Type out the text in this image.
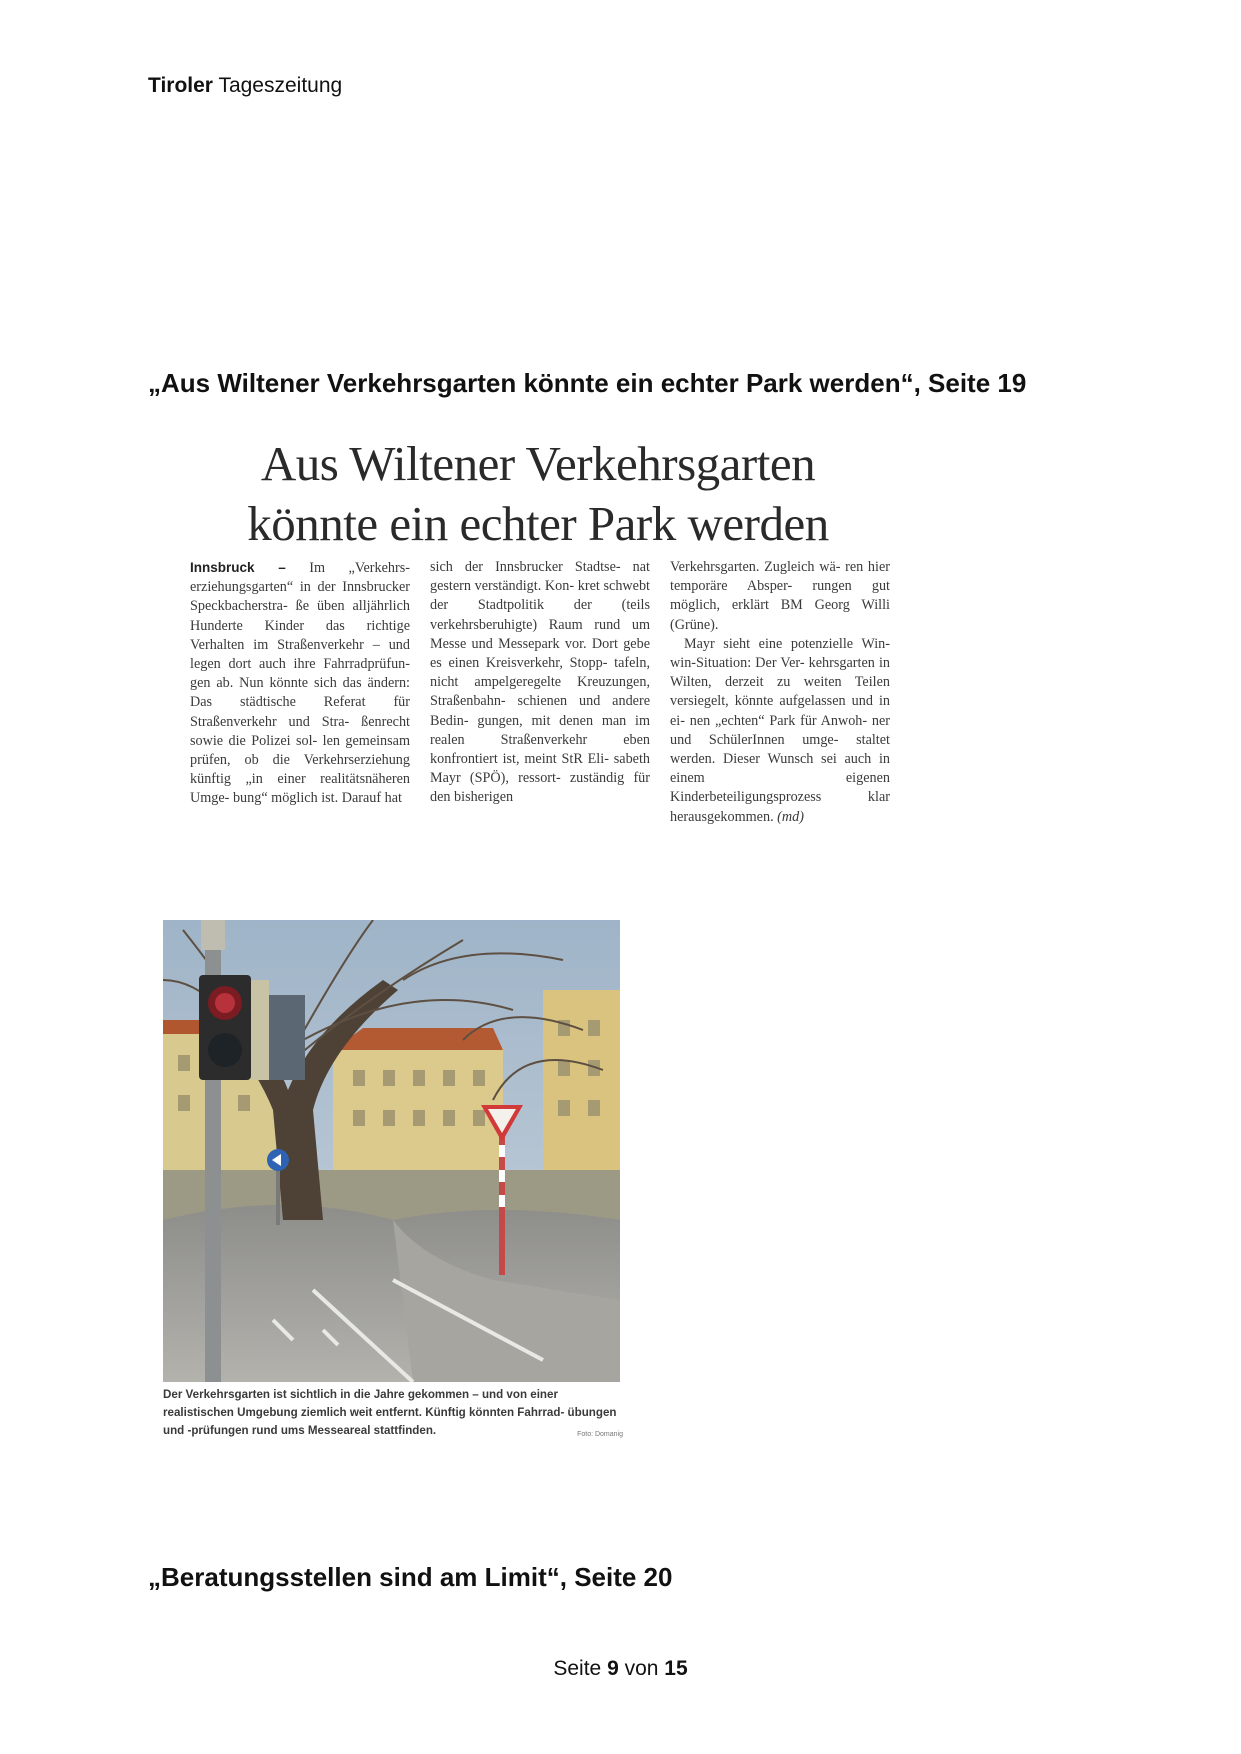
Tiroler Tageszeitung
„Aus Wiltener Verkehrsgarten könnte ein echter Park werden“, Seite 19
Aus Wiltener Verkehrsgarten
könnte ein echter Park werden

Innsbruck – Im „Verkehrs- erziehungsgarten“ in der Innsbrucker Speckbacherstra- ße üben alljährlich Hunderte Kinder das richtige Verhalten im Straßenverkehr – und legen dort auch ihre Fahrradprüfun- gen ab. Nun könnte sich das ändern: Das städtische Referat für Straßenverkehr und Stra- ßenrecht sowie die Polizei sol- len gemeinsam prüfen, ob die Verkehrserziehung künftig „in einer realitätsnäheren Umge- bung“ möglich ist. Darauf hat

sich der Innsbrucker Stadtse- nat gestern verständigt. Kon- kret schwebt der Stadtpolitik der (teils verkehrsberuhigte) Raum rund um Messe und Messepark vor. Dort gebe es einen Kreisverkehr, Stopp- tafeln, nicht ampelgeregelte Kreuzungen, Straßenbahn- schienen und andere Bedin- gungen, mit denen man im realen Straßenverkehr eben konfrontiert ist, meint StR Eli- sabeth Mayr (SPÖ), ressort- zuständig für den bisherigen

Verkehrsgarten. Zugleich wä- ren hier temporäre Absper- rungen gut möglich, erklärt BM Georg Willi (Grüne).

Mayr sieht eine potenzielle Win-win-Situation: Der Ver- kehrsgarten in Wilten, derzeit zu weiten Teilen versiegelt, könnte aufgelassen und in ei- nen „echten“ Park für Anwoh- ner und SchülerInnen umge- staltet werden. Dieser Wunsch sei auch in einem eigenen Kinderbeteiligungsprozess klar herausgekommen. (md)

Der Verkehrsgarten ist sichtlich in die Jahre gekommen – und von einer realistischen Umgebung ziemlich weit entfernt. Künftig könnten Fahrrad- übungen und -prüfungen rund ums Messeareal stattfinden.	Foto: Domanig
„Beratungsstellen sind am Limit“, Seite 20
Seite 9 von 15
